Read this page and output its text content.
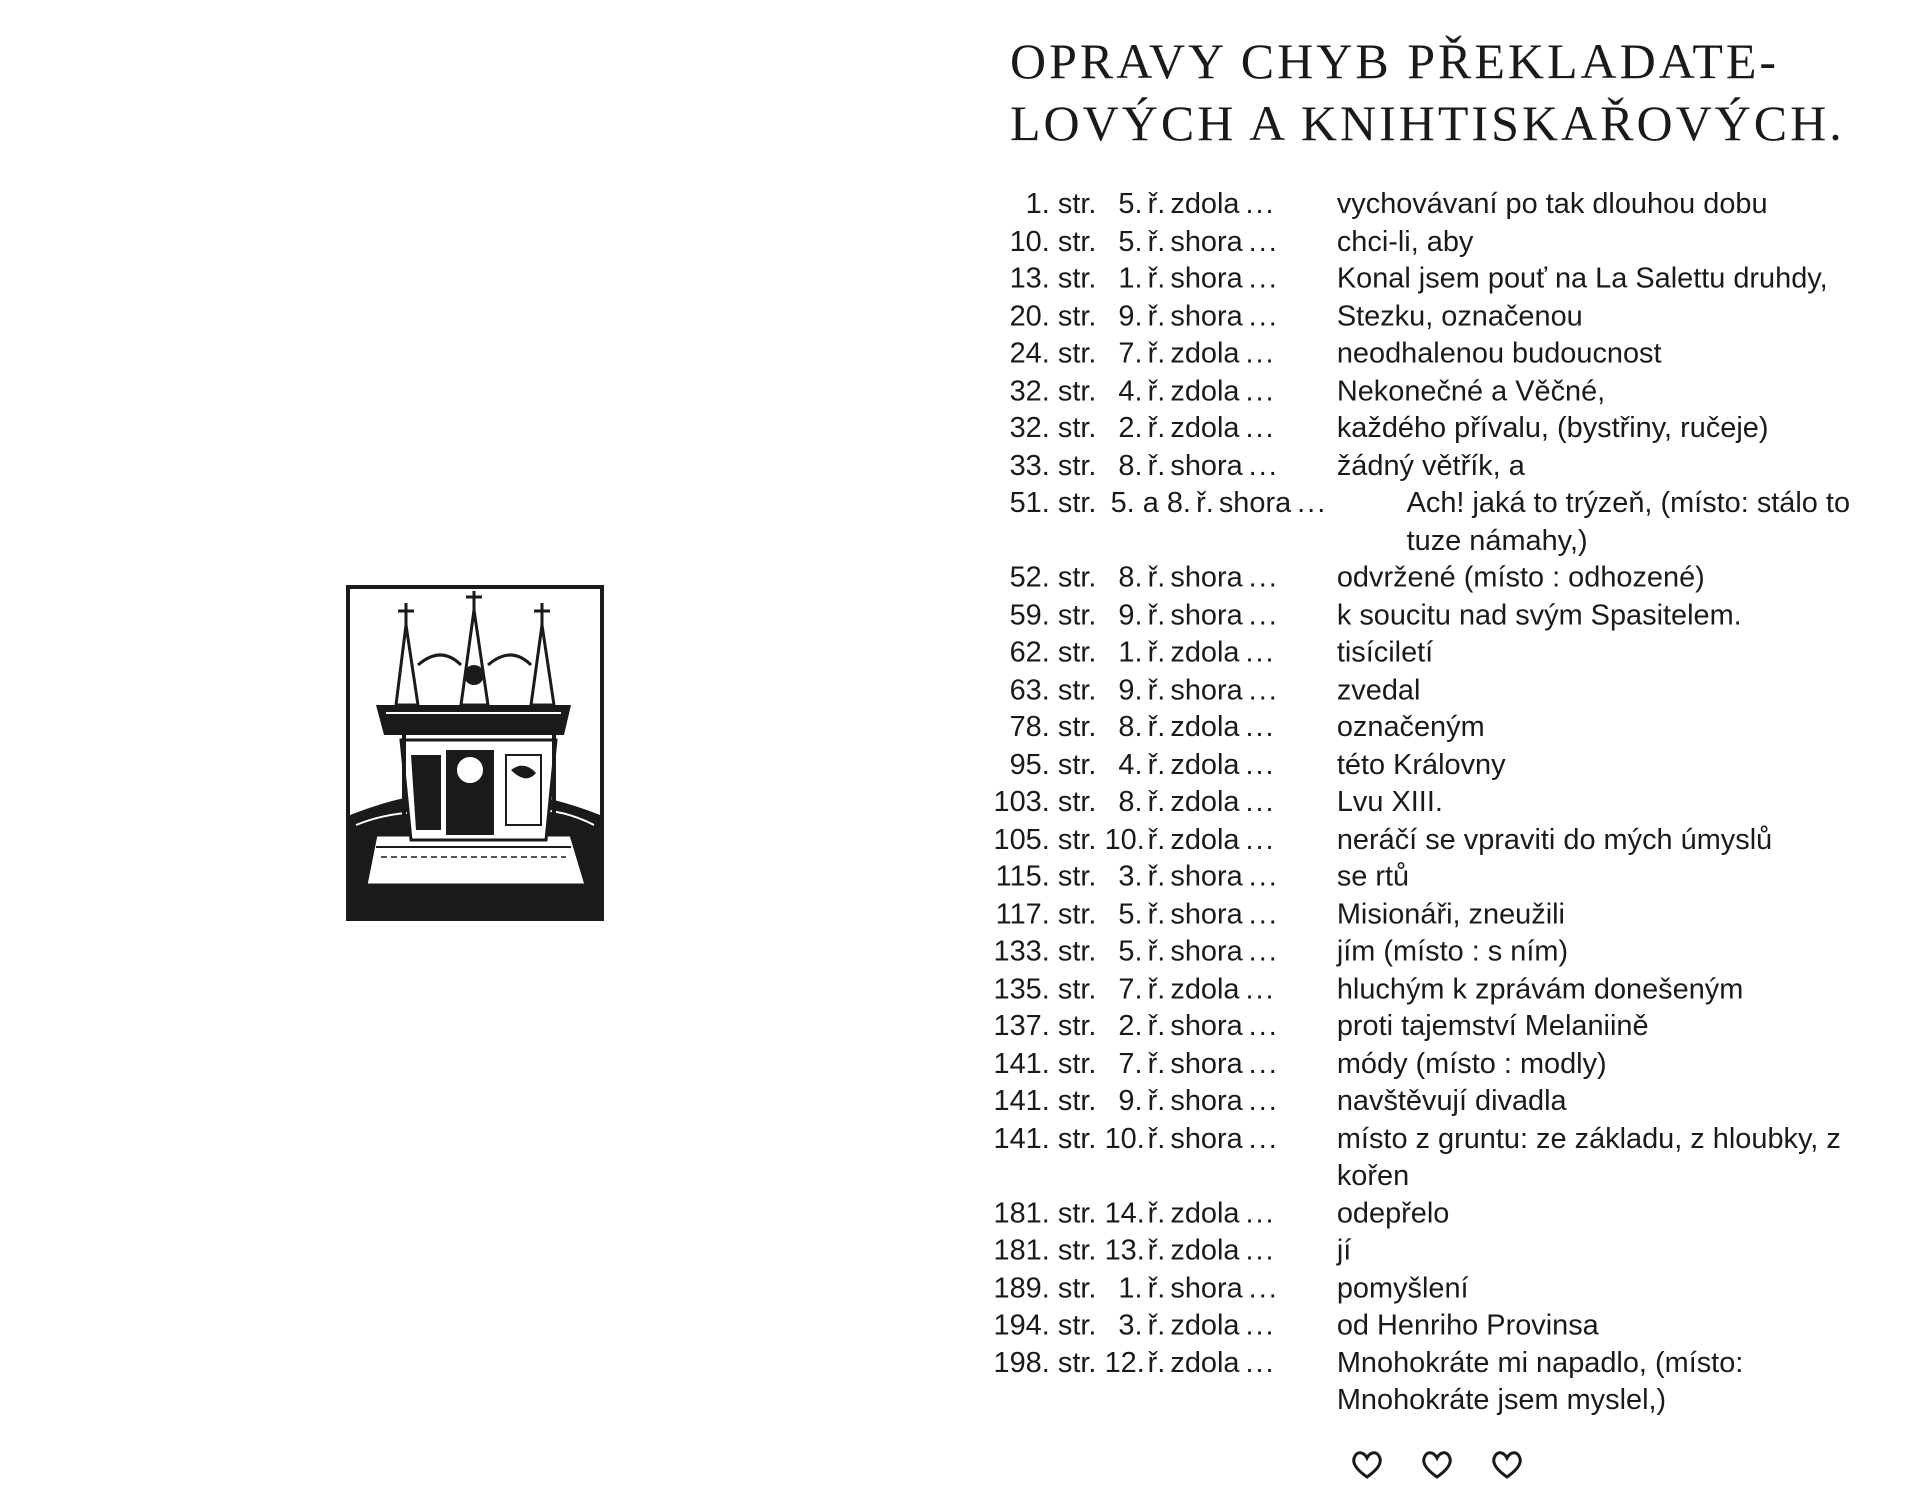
OPRAVY CHYB PŘEKLADATE-
LOVÝCH A KNIHTISKAŘOVÝCH.
1. str. 5. ř. zdola ... vychovávaní po tak dlouhou dobu
10. str. 5. ř. shora ... chci-li, aby
13. str. 1. ř. shora ... Konal jsem pouť na La Salettu druhdy,
20. str. 9. ř. shora ... Stezku, označenou
24. str. 7. ř. zdola ... neodhalenou budoucnost
32. str. 4. ř. zdola ... Nekonečné a Věčné,
32. str. 2. ř. zdola ... každého přívalu, (bystřiny, ručeje)
33. str. 8. ř. shora ... žádný větřík, a
51. str. 5. a 8. ř. shora ...	Ach! jaká to trýzeň, (místo: stálo to tuze námahy,)
52. str. 8. ř. shora ... odvržené (místo : odhozené)
59. str. 9. ř. shora ... k soucitu nad svým Spasitelem.
62. str. 1. ř. zdola ... tisíciletí
63. str. 9. ř. shora ... zvedal
78. str. 8. ř. zdola ... označeným
95. str. 4. ř. zdola ... této Královny
103. str. 8. ř. zdola ... Lvu XIII.
105. str. 10. ř. zdola ... neráčí se vpraviti do mých úmyslů
115. str. 3. ř. shora ... se rtů
117. str. 5. ř. shora ... Misionáři, zneužili
133. str. 5. ř. shora ... jím (místo : s ním)
135. str. 7. ř. zdola ... hluchým k zprávám donešeným
137. str. 2. ř. shora ... proti tajemství Melaniině
141. str. 7. ř. shora ... módy (místo : modly)
141. str. 9. ř. shora ... navštěvují divadla
141. str. 10. ř. shora ... místo z gruntu: ze základu, z hloubky, z kořen
181. str. 14. ř. zdola ... odepřelo
181. str. 13. ř. zdola ... jí
189. str. 1. ř. shora ... pomyšlení
194. str. 3. ř. zdola ... od Henriho Provinsa
198. str. 12. ř. zdola ... Mnohokráte mi napadlo, (místo: Mnohokráte jsem myslel,)
